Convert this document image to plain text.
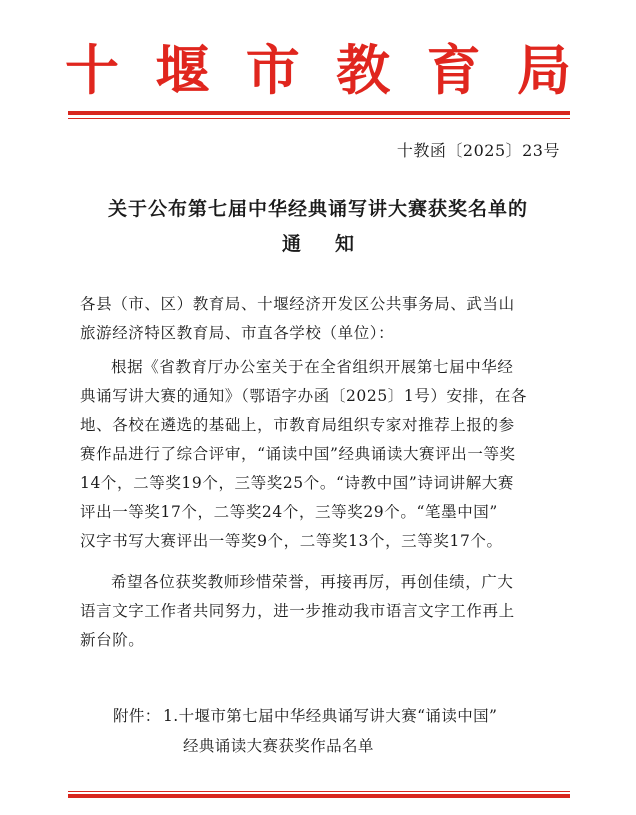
十 堰 市 教 育 局
十教函〔2025〕23号
关于公布第七届中华经典诵写讲大赛获奖名单的
通知
各县（市、区）教育局、十堰经济开发区公共事务局、武当山
旅游经济特区教育局、市直各学校（单位）：
根据《省教育厅办公室关于在全省组织开展第七届中华经
典诵写讲大赛的通知》（鄂语字办函〔2025〕1号）安排，在各
地、各校在遴选的基础上，市教育局组织专家对推荐上报的参
赛作品进行了综合评审，“诵读中国”经典诵读大赛评出一等奖
14个，二等奖19个，三等奖25个。“诗教中国”诗词讲解大赛
评出一等奖17个，二等奖24个，三等奖29个。“笔墨中国”
汉字书写大赛评出一等奖9个，二等奖13个，三等奖17个。
希望各位获奖教师珍惜荣誉，再接再厉，再创佳绩，广大
语言文字工作者共同努力，进一步推动我市语言文字工作再上
新台阶。
附件： 1.十堰市第七届中华经典诵写讲大赛“诵读中国”
经典诵读大赛获奖作品名单
